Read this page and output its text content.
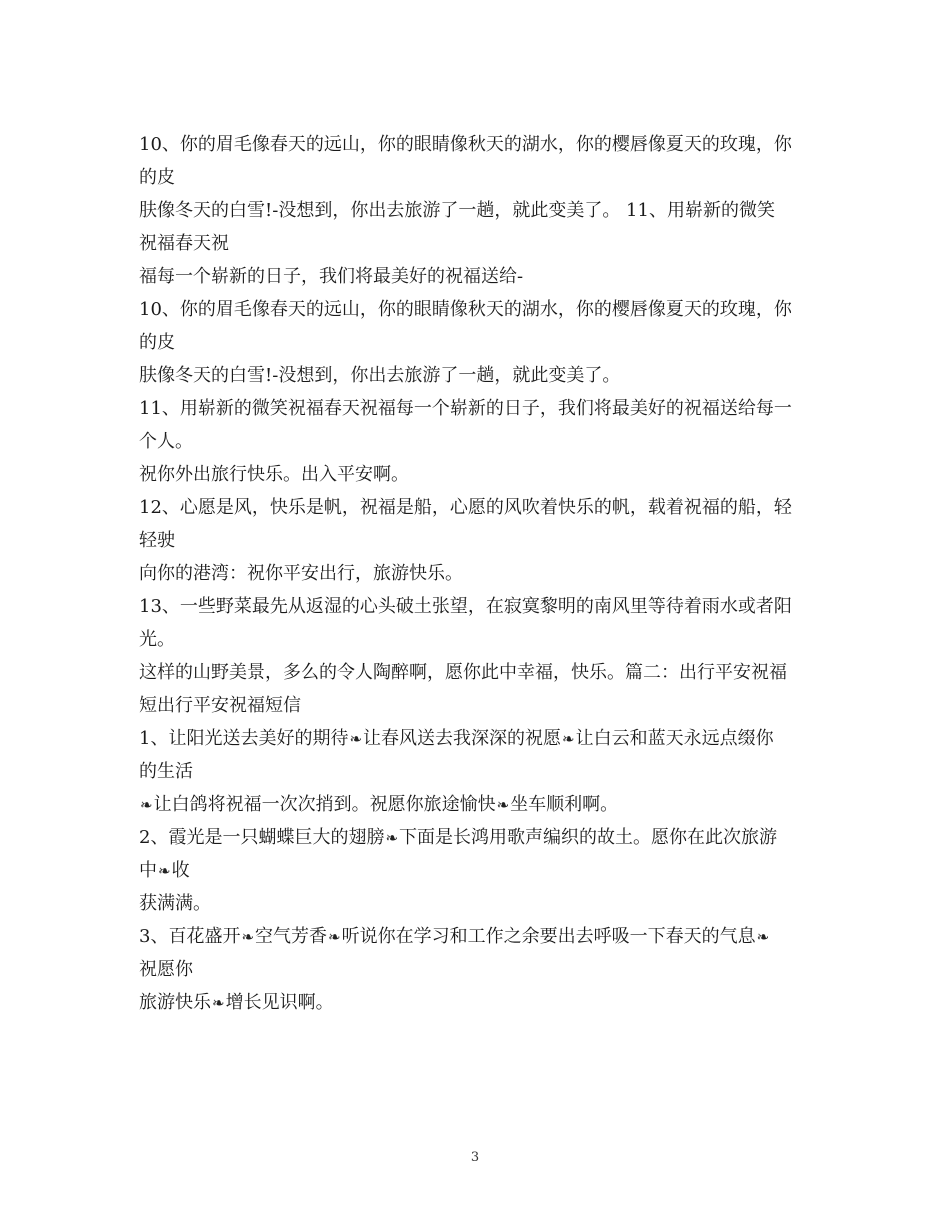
10、你的眉毛像春天的远山，你的眼睛像秋天的湖水，你的樱唇像夏天的玫瑰，你
的皮
肤像冬天的白雪!-没想到，你出去旅游了一趟，就此变美了。 11、用崭新的微笑
祝福春天祝
福每一个崭新的日子，我们将最美好的祝福送给-
10、你的眉毛像春天的远山，你的眼睛像秋天的湖水，你的樱唇像夏天的玫瑰，你
的皮
肤像冬天的白雪!-没想到，你出去旅游了一趟，就此变美了。
11、用崭新的微笑祝福春天祝福每一个崭新的日子，我们将最美好的祝福送给每一
个人。
祝你外出旅行快乐。出入平安啊。
12、心愿是风，快乐是帆，祝福是船，心愿的风吹着快乐的帆，载着祝福的船，轻
轻驶
向你的港湾：祝你平安出行，旅游快乐。
13、一些野菜最先从返湿的心头破土张望，在寂寞黎明的南风里等待着雨水或者阳
光。
这样的山野美景，多么的令人陶醉啊，愿你此中幸福，快乐。篇二：出行平安祝福
短出行平安祝福短信
1、让阳光送去美好的期待❧让春风送去我深深的祝愿❧让白云和蓝天永远点缀你
的生活
❧让白鸽将祝福一次次捎到。祝愿你旅途愉快❧坐车顺利啊。
2、霞光是一只蝴蝶巨大的翅膀❧下面是长鸿用歌声编织的故土。愿你在此次旅游
中❧收
获满满。
3、百花盛开❧空气芳香❧听说你在学习和工作之余要出去呼吸一下春天的气息❧
祝愿你
旅游快乐❧增长见识啊。
3
